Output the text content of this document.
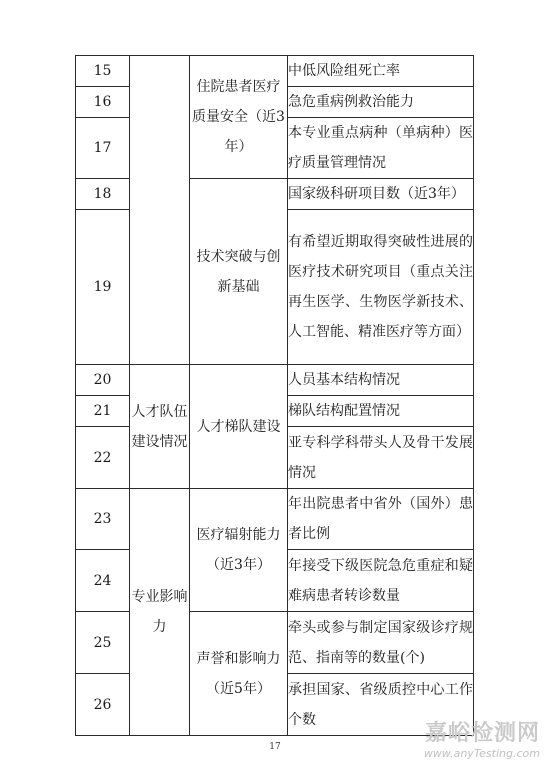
15		住院患者医疗质量安全（近3年）	中低风险组死亡率
16			急危重病例救治能力
17			本专业重点病种（单病种）医疗质量管理情况
18		技术突破与创新基础	国家级科研项目数（近3年）
19			有希望近期取得突破性进展的医疗技术研究项目（重点关注再生医学、生物医学新技术、人工智能、精准医疗等方面）
20	人才队伍建设情况	人才梯队建设	人员基本结构情况
21			梯队结构配置情况
22			亚专科学科带头人及骨干发展情况
23	专业影响力	医疗辐射能力（近3年）	年出院患者中省外（国外）患者比例
24			年接受下级医院急危重症和疑难病患者转诊数量
25		声誉和影响力（近5年）	牵头或参与制定国家级诊疗规范、指南等的数量(个)
26			承担国家、省级质控中心工作个数
17
嘉峪检测网
www.anyTesting.com
